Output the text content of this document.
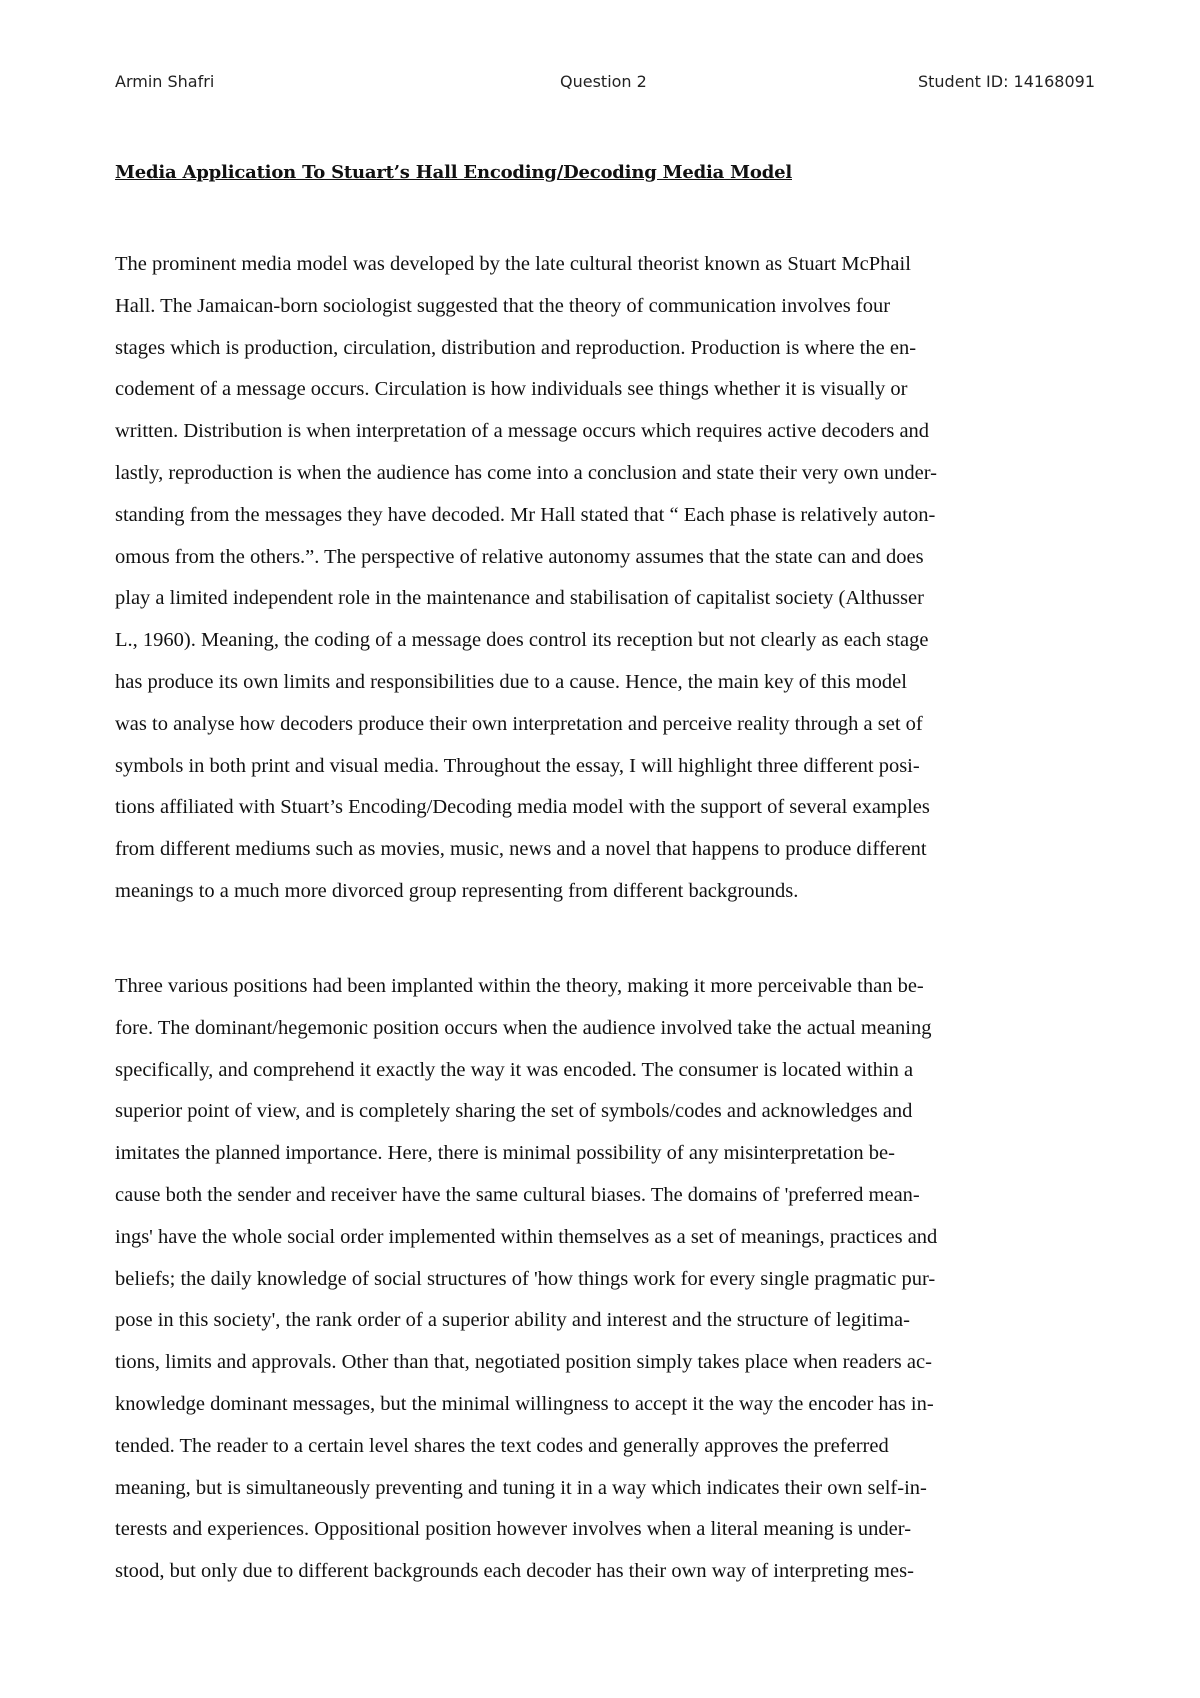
Armin Shafri	Question 2	Student ID: 14168091
Media Application To Stuart’s Hall Encoding/Decoding Media Model
The prominent media model was developed by the late cultural theorist known as Stuart McPhail
Hall. The Jamaican-born sociologist suggested that the theory of communication involves four
stages which is production, circulation, distribution and reproduction. Production is where the en-
codement of a message occurs. Circulation is how individuals see things whether it is visually or
written. Distribution is when interpretation of a message occurs which requires active decoders and
lastly, reproduction is when the audience has come into a conclusion and state their very own under-
standing from the messages they have decoded. Mr Hall stated that “ Each phase is relatively auton-
omous from the others.”. The perspective of relative autonomy assumes that the state can and does
play a limited independent role in the maintenance and stabilisation of capitalist society (Althusser
L., 1960). Meaning, the coding of a message does control its reception but not clearly as each stage
has produce its own limits and responsibilities due to a cause. Hence, the main key of this model
was to analyse how decoders produce their own interpretation and perceive reality through a set of
symbols in both print and visual media. Throughout the essay, I will highlight three different posi-
tions affiliated with Stuart’s Encoding/Decoding media model with the support of several examples
from different mediums such as movies, music, news and a novel that happens to produce different
meanings to a much more divorced group representing from different backgrounds.
Three various positions had been implanted within the theory, making it more perceivable than be-
fore. The dominant/hegemonic position occurs when the audience involved take the actual meaning
specifically, and comprehend it exactly the way it was encoded. The consumer is located within a
superior point of view, and is completely sharing the set of symbols/codes and acknowledges and
imitates the planned importance. Here, there is minimal possibility of any misinterpretation be-
cause both the sender and receiver have the same cultural biases. The domains of 'preferred mean-
ings' have the whole social order implemented within themselves as a set of meanings, practices and
beliefs; the daily knowledge of social structures of 'how things work for every single pragmatic pur-
pose in this society', the rank order of a superior ability and interest and the structure of legitima-
tions, limits and approvals. Other than that, negotiated position simply takes place when readers ac-
knowledge dominant messages, but the minimal willingness to accept it the way the encoder has in-
tended. The reader to a certain level shares the text codes and generally approves the preferred
meaning, but is simultaneously preventing and tuning it in a way which indicates their own self-in-
terests and experiences. Oppositional position however involves when a literal meaning is under-
stood, but only due to different backgrounds each decoder has their own way of interpreting mes-
